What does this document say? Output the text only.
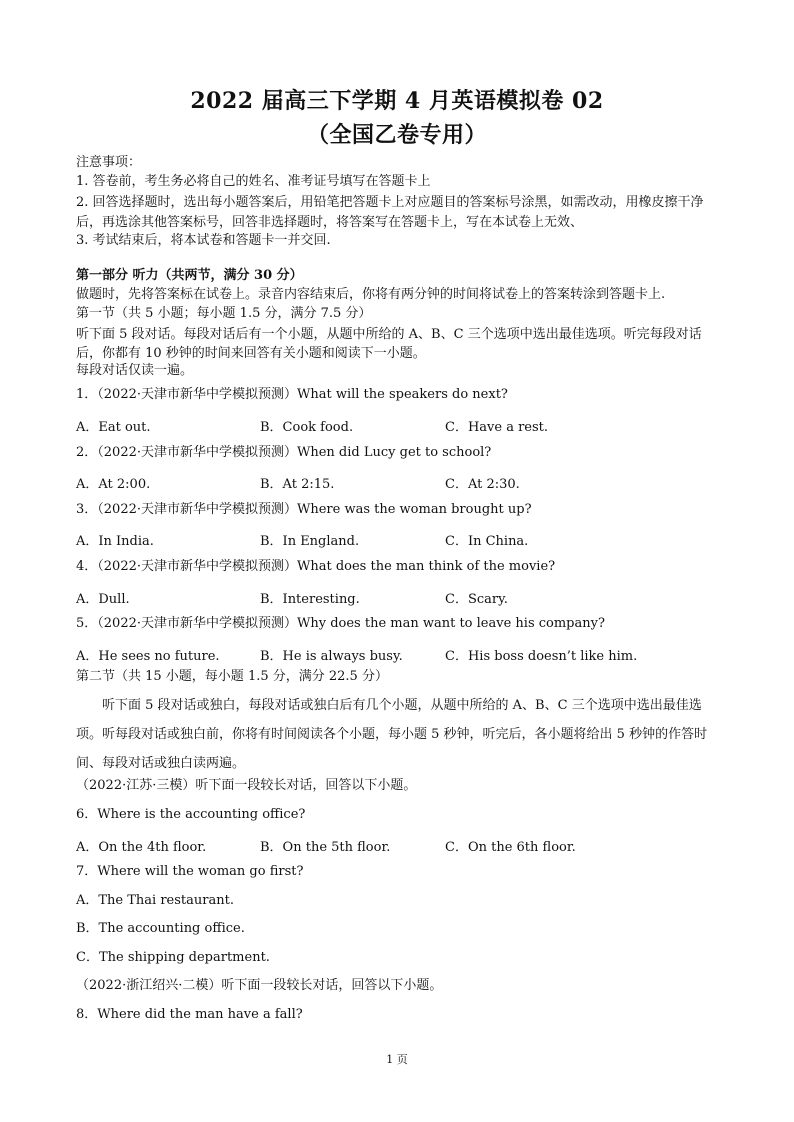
2022 届高三下学期 4 月英语模拟卷 02
（全国乙卷专用）
注意事项：
1. 答卷前，考生务必将自己的姓名、准考证号填写在答题卡上
2. 回答选择题时，选出每小题答案后，用铅笔把答题卡上对应题目的答案标号涂黑，如需改动，用橡皮擦干净后，再选涂其他答案标号，回答非选择题时，将答案写在答题卡上，写在本试卷上无效、
3. 考试结束后，将本试卷和答题卡一并交回.
第一部分 听力（共两节，满分 30 分）
做题时，先将答案标在试卷上。录音内容结束后，你将有两分钟的时间将试卷上的答案转涂到答题卡上.
第一节（共 5 小题；每小题 1.5 分，满分 7.5 分）
听下面 5 段对话。每段对话后有一个小题，从题中所给的 A、B、C 三个选项中选出最佳选项。听完每段对话后，你都有 10 秒钟的时间来回答有关小题和阅读下一小题。
每段对话仅读一遍。
1．（2022·天津市新华中学模拟预测）What will the speakers do next?
A．Eat out.	B．Cook food.	C．Have a rest.
2．（2022·天津市新华中学模拟预测）When did Lucy get to school?
A．At 2:00.	B．At 2:15.	C．At 2:30.
3．（2022·天津市新华中学模拟预测）Where was the woman brought up?
A．In India.	B．In England.	C．In China.
4．（2022·天津市新华中学模拟预测）What does the man think of the movie?
A．Dull.	B．Interesting.	C．Scary.
5．（2022·天津市新华中学模拟预测）Why does the man want to leave his company?
A．He sees no future.	B．He is always busy.	C．His boss doesn’t like him.
第二节（共 15 小题，每小题 1.5 分，满分 22.5 分）
听下面 5 段对话或独白，每段对话或独白后有几个小题，从题中所给的 A、B、C 三个选项中选出最佳选项。听每段对话或独白前，你将有时间阅读各个小题，每小题 5 秒钟，听完后，各小题将给出 5 秒钟的作答时间、每段对话或独白读两遍。
（2022·江苏·三模）听下面一段较长对话，回答以下小题。
6．Where is the accounting office?
A．On the 4th floor.	B．On the 5th floor.	C．On the 6th floor.
7．Where will the woman go first?
A．The Thai restaurant.
B．The accounting office.
C．The shipping department.
（2022·浙江绍兴·二模）听下面一段较长对话，回答以下小题。
8．Where did the man have a fall?
1 页
